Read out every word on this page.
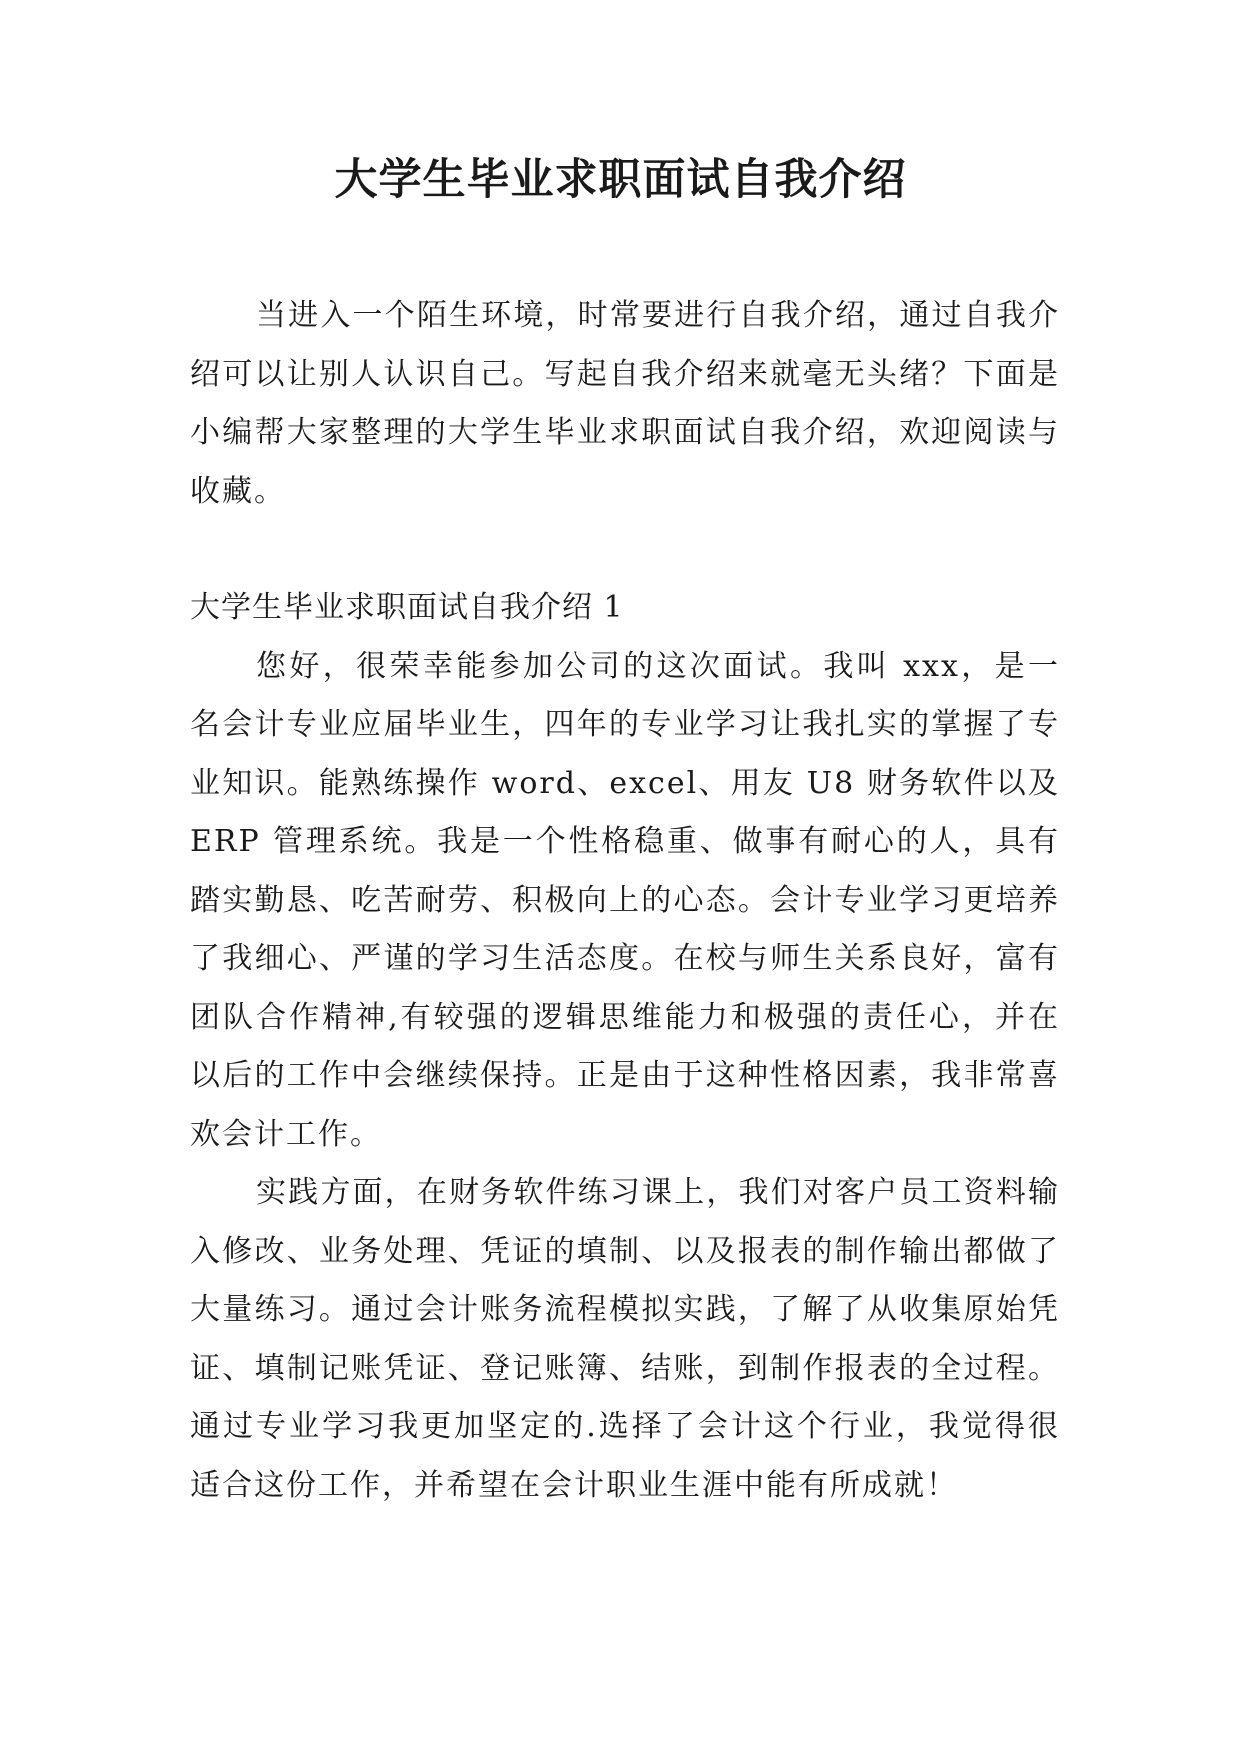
大学生毕业求职面试自我介绍

当进入一个陌生环境，时常要进行自我介绍，通过自我介绍可以让别人认识自己。写起自我介绍来就毫无头绪？下面是小编帮大家整理的大学生毕业求职面试自我介绍，欢迎阅读与收藏。

大学生毕业求职面试自我介绍 1

您好，很荣幸能参加公司的这次面试。我叫 xxx，是一名会计专业应届毕业生，四年的专业学习让我扎实的掌握了专业知识。能熟练操作 word、excel、用友 U8 财务软件以及 ERP 管理系统。我是一个性格稳重、做事有耐心的人，具有踏实勤恳、吃苦耐劳、积极向上的心态。会计专业学习更培养了我细心、严谨的学习生活态度。在校与师生关系良好，富有团队合作精神,有较强的逻辑思维能力和极强的责任心，并在以后的工作中会继续保持。正是由于这种性格因素，我非常喜欢会计工作。

实践方面，在财务软件练习课上，我们对客户员工资料输入修改、业务处理、凭证的填制、以及报表的制作输出都做了大量练习。通过会计账务流程模拟实践，了解了从收集原始凭证、填制记账凭证、登记账簿、结账，到制作报表的全过程。通过专业学习我更加坚定的.选择了会计这个行业，我觉得很适合这份工作，并希望在会计职业生涯中能有所成就！
